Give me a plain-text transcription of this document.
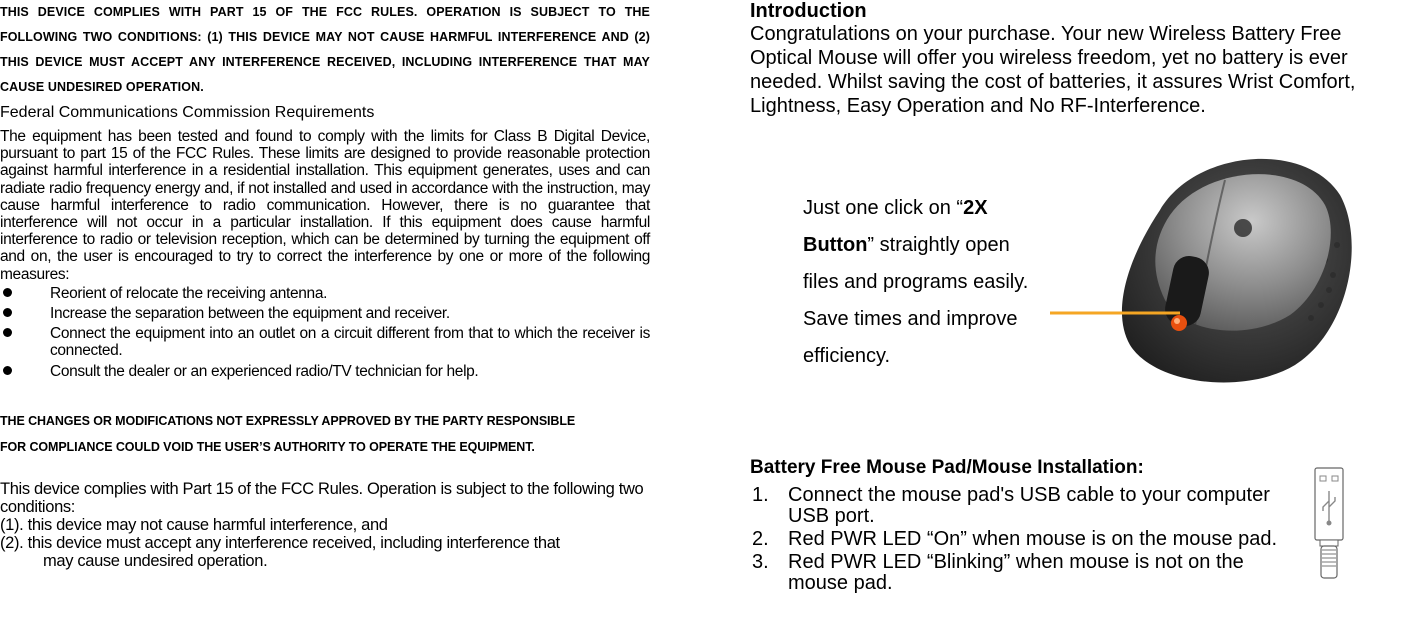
THIS DEVICE COMPLIES WITH PART 15 OF THE FCC RULES. OPERATION IS SUBJECT TO THE FOLLOWING TWO CONDITIONS: (1) THIS DEVICE MAY NOT CAUSE HARMFUL INTERFERENCE AND (2) THIS DEVICE MUST ACCEPT ANY INTERFERENCE RECEIVED, INCLUDING INTERFERENCE THAT MAY CAUSE UNDESIRED OPERATION.

Federal Communications Commission Requirements

The equipment has been tested and found to comply with the limits for Class B Digital Device, pursuant to part 15 of the FCC Rules. These limits are designed to provide reasonable protection against harmful interference in a residential installation. This equipment generates, uses and can radiate radio frequency energy and, if not installed and used in accordance with the instruction, may cause harmful interference to radio communication. However, there is no guarantee that interference will not occur in a particular installation. If this equipment does cause harmful interference to radio or television reception, which can be determined by turning the equipment off and on, the user is encouraged to try to correct the interference by one or more of the following measures:

Reorient of relocate the receiving antenna.
Increase the separation between the equipment and receiver.
Connect the equipment into an outlet on a circuit different from that to which the receiver is connected.
Consult the dealer or an experienced radio/TV technician for help.
THE CHANGES OR MODIFICATIONS NOT EXPRESSLY APPROVED BY THE PARTY RESPONSIBLE
FOR COMPLIANCE COULD VOID THE USER’S AUTHORITY TO OPERATE THE EQUIPMENT.

This device complies with Part 15 of the FCC Rules. Operation is subject to the following two conditions:

(1). this device may not cause harmful interference, and

(2). this device must accept any interference received, including interference that

may cause undesired operation.

Introduction

Congratulations on your purchase. Your new Wireless Battery Free Optical Mouse will offer you wireless freedom, yet no battery is ever needed. Whilst saving the cost of batteries, it assures Wrist Comfort, Lightness, Easy Operation and No RF-Interference.

Just one click on “2X Button” straightly open files and programs easily. Save times and improve efficiency.
Battery Free Mouse Pad/Mouse Installation:
1. Connect the mouse pad's USB cable to your computer USB port.
2. Red PWR LED “On” when mouse is on the mouse pad.
3. Red PWR LED “Blinking” when mouse is not on the mouse pad.
